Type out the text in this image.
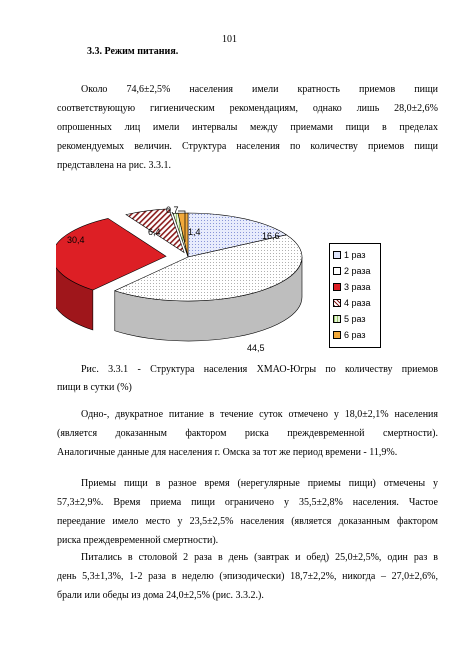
101
3.3. Режим питания.
Около 74,6±2,5% населения имели кратность приемов пищи
соответствующую гигиеническим рекомендациям, однако лишь 28,0±2,6%
опрошенных лиц имели интервалы между приемами пищи в пределах
рекомендуемых величин. Структура населения по количеству приемов пищи
представлена на рис. 3.3.1.
16,6
44,5
30,4
6,4
0,7
1,4
1 раз
2 раза
3 раза
4 раза
5 раз
6 раз
Рис. 3.3.1 - Структура населения ХМАО-Югры по количеству приемов
пищи в сутки (%)
Одно-, двукратное питание в течение суток отмечено у 18,0±2,1% населения
(является доказанным фактором риска преждевременной смертности).
Аналогичные данные для населения г. Омска за тот же период времени - 11,9%.
Приемы пищи в разное время (нерегулярные приемы пищи) отмечены у
57,3±2,9%. Время приема пищи ограничено у 35,5±2,8% населения. Частое
переедание имело место у 23,5±2,5% населения (является доказанным фактором
риска преждевременной смертности).
Питались в столовой 2 раза в день (завтрак и обед) 25,0±2,5%, один раз в
день 5,3±1,3%, 1-2 раза в неделю (эпизодически) 18,7±2,2%, никогда – 27,0±2,6%,
брали или обеды из дома 24,0±2,5% (рис. 3.3.2.).
